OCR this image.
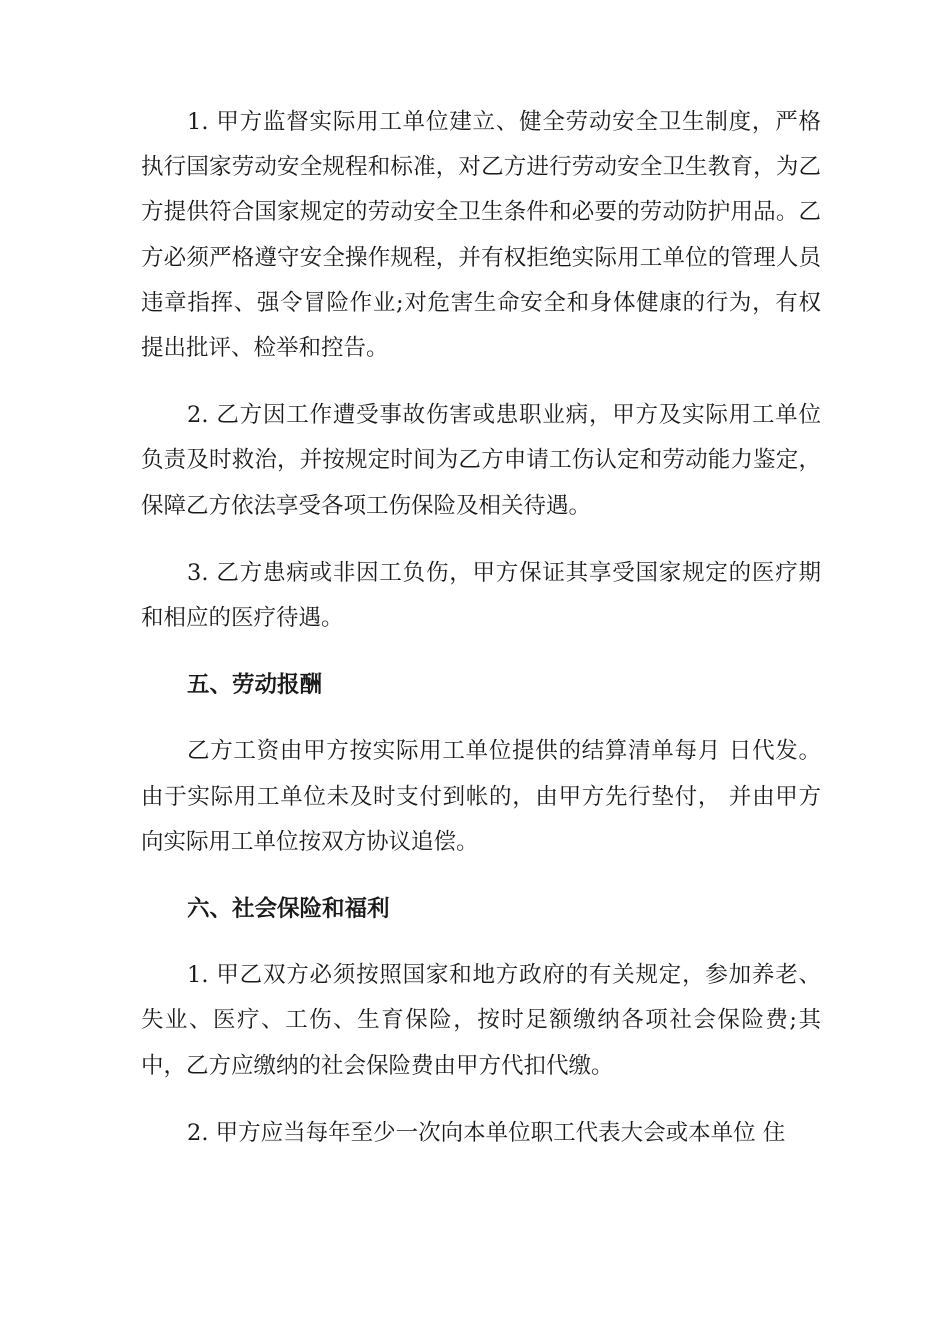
1. 甲方监督实际用工单位建立、健全劳动安全卫生制度，严格执行国家劳动安全规程和标准，对乙方进行劳动安全卫生教育，为乙方提供符合国家规定的劳动安全卫生条件和必要的劳动防护用品。乙方必须严格遵守安全操作规程，并有权拒绝实际用工单位的管理人员违章指挥、强令冒险作业;对危害生命安全和身体健康的行为，有权提出批评、检举和控告。

2. 乙方因工作遭受事故伤害或患职业病，甲方及实际用工单位负责及时救治，并按规定时间为乙方申请工伤认定和劳动能力鉴定，保障乙方依法享受各项工伤保险及相关待遇。

3. 乙方患病或非因工负伤，甲方保证其享受国家规定的医疗期和相应的医疗待遇。

五、劳动报酬

乙方工资由甲方按实际用工单位提供的结算清单每月 日代发。由于实际用工单位未及时支付到帐的，由甲方先行垫付， 并由甲方向实际用工单位按双方协议追偿。

六、社会保险和福利

1. 甲乙双方必须按照国家和地方政府的有关规定，参加养老、失业、医疗、工伤、生育保险，按时足额缴纳各项社会保险费;其中，乙方应缴纳的社会保险费由甲方代扣代缴。

2. 甲方应当每年至少一次向本单位职工代表大会或本单位 住
